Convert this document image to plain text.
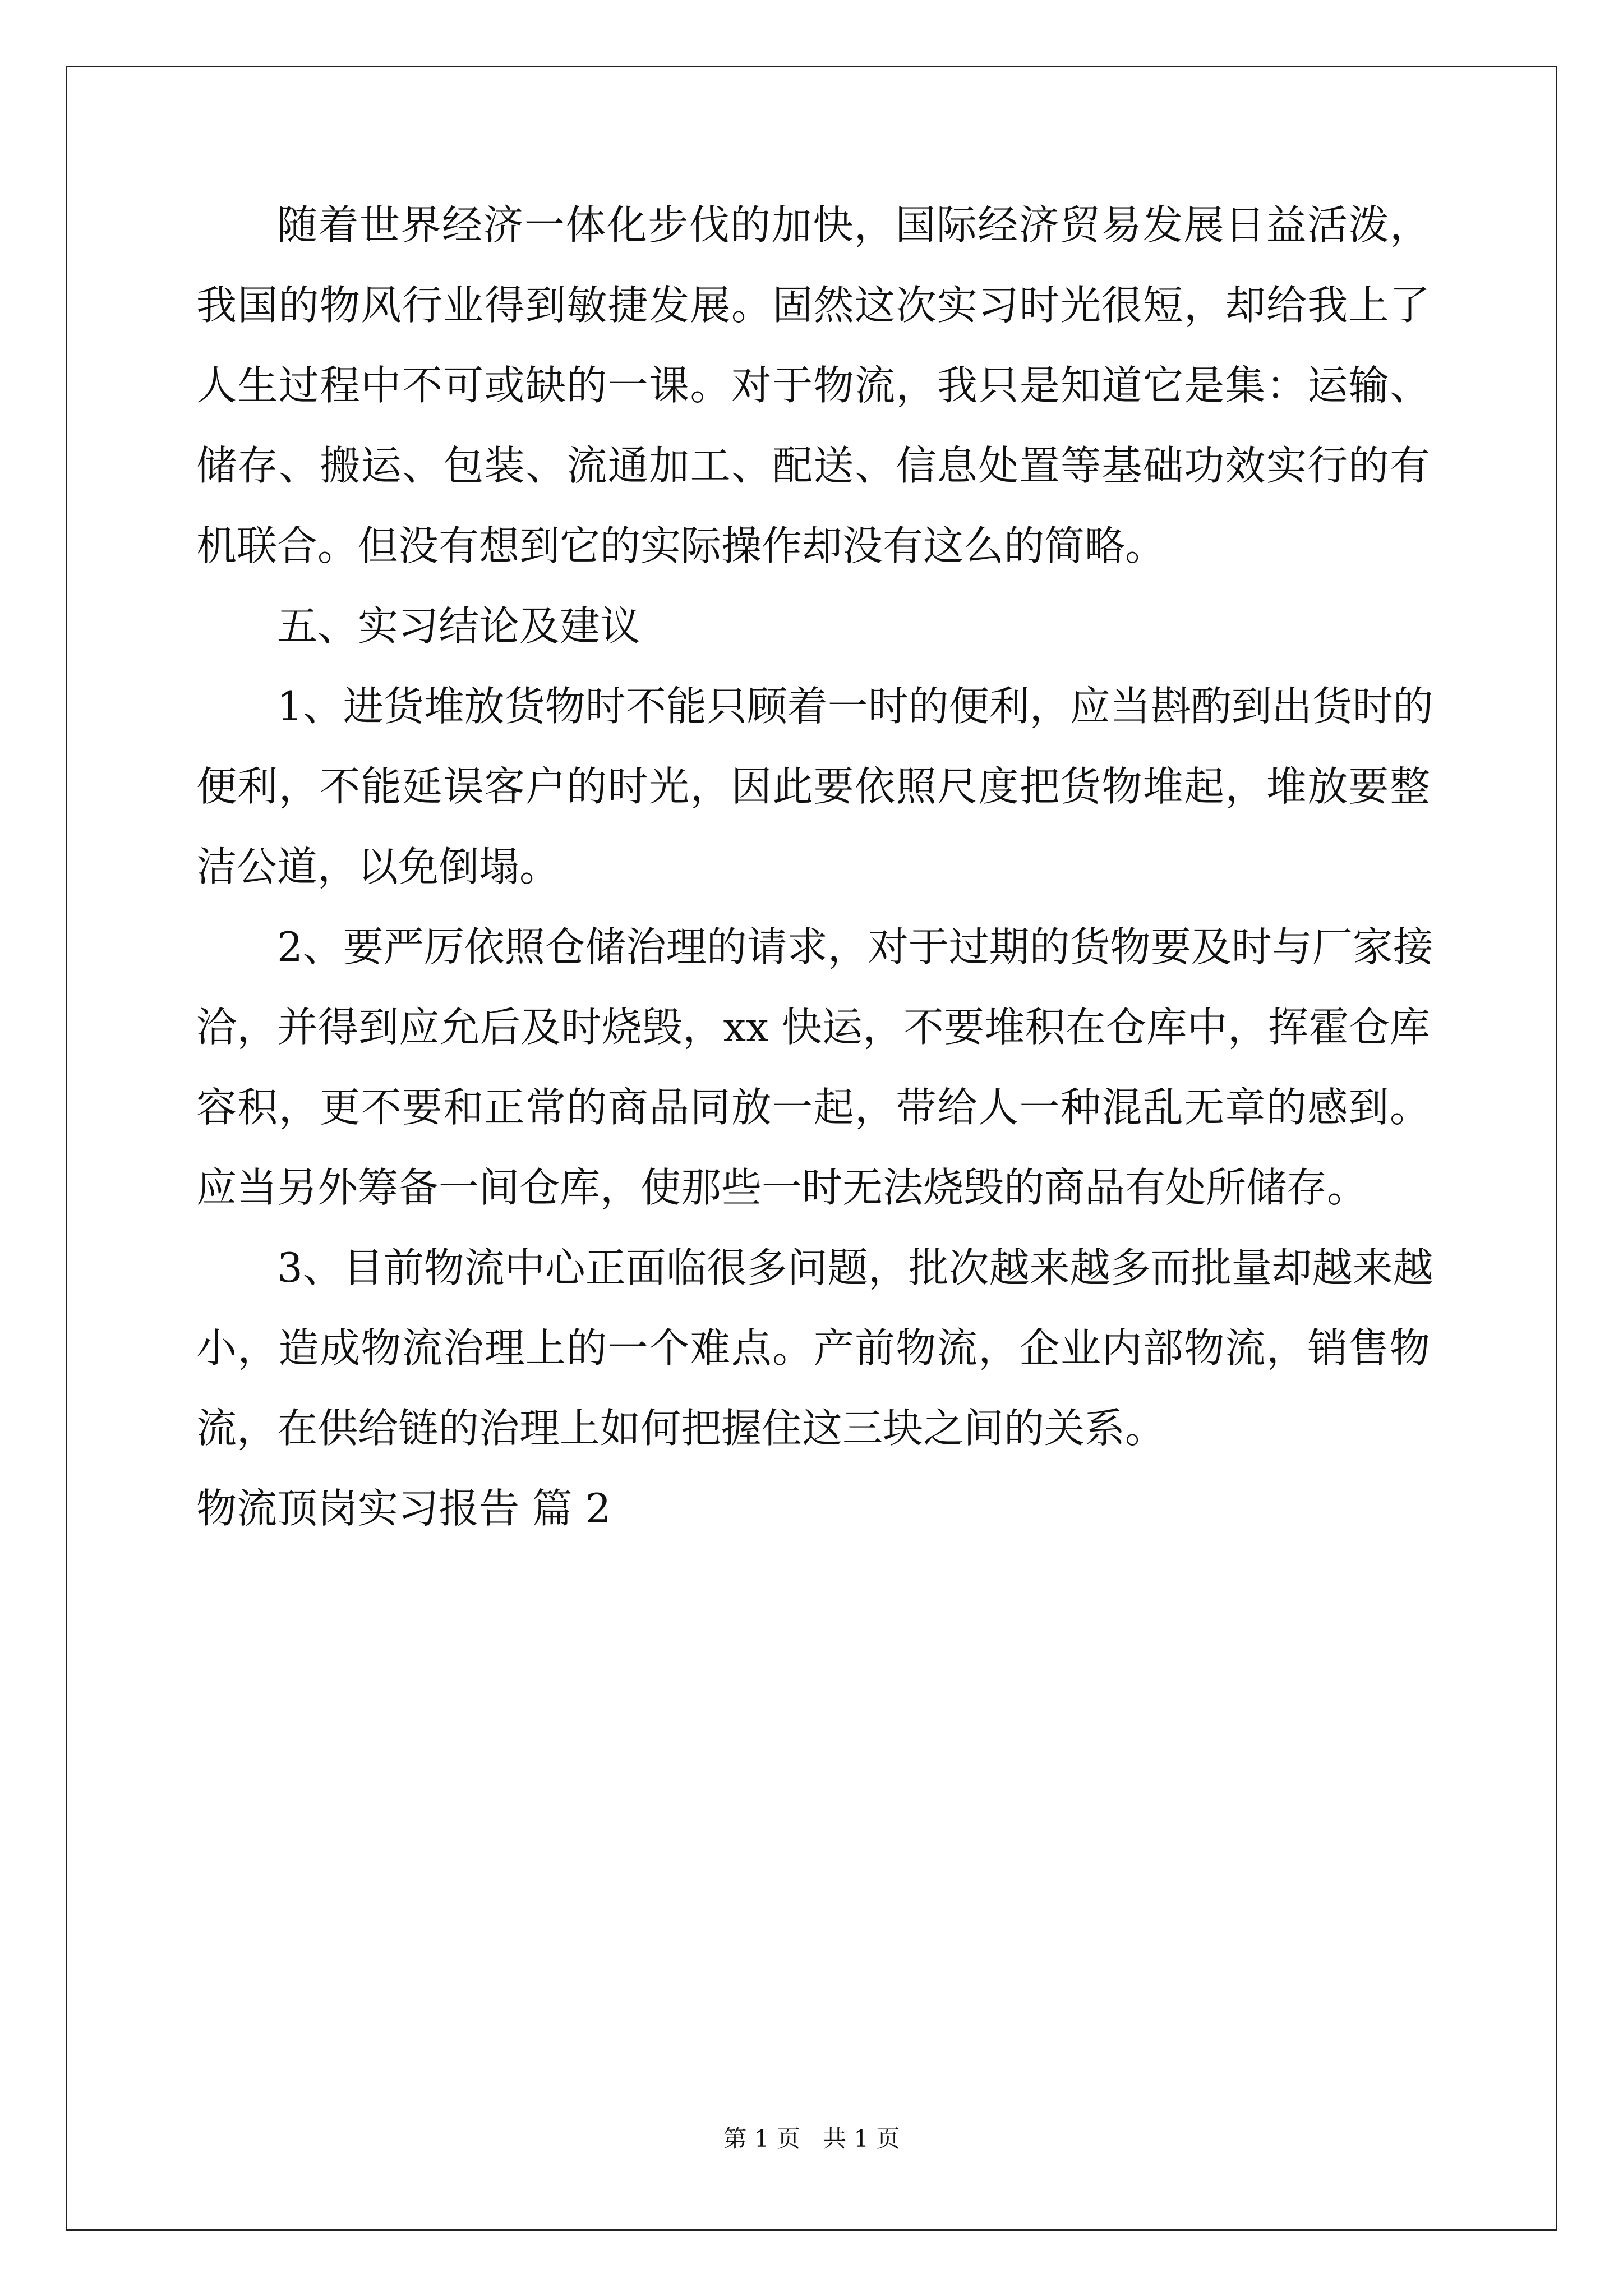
随着世界经济一体化步伐的加快，国际经济贸易发展日益活泼，
我国的物风行业得到敏捷发展。固然这次实习时光很短，却给我上了
人生过程中不可或缺的一课。对于物流，我只是知道它是集：运输、
储存、搬运、包装、流通加工、配送、信息处置等基础功效实行的有
机联合。但没有想到它的实际操作却没有这么的简略。
五、实习结论及建议
1、进货堆放货物时不能只顾着一时的便利，应当斟酌到出货时的
便利，不能延误客户的时光，因此要依照尺度把货物堆起，堆放要整
洁公道，以免倒塌。
2、要严厉依照仓储治理的请求，对于过期的货物要及时与厂家接
洽，并得到应允后及时烧毁，xx 快运，不要堆积在仓库中，挥霍仓库
容积，更不要和正常的商品同放一起，带给人一种混乱无章的感到。
应当另外筹备一间仓库，使那些一时无法烧毁的商品有处所储存。
3、目前物流中心正面临很多问题，批次越来越多而批量却越来越
小，造成物流治理上的一个难点。产前物流，企业内部物流，销售物
流，在供给链的治理上如何把握住这三块之间的关系。
物流顶岗实习报告 篇 2
第 1 页   共 1 页
